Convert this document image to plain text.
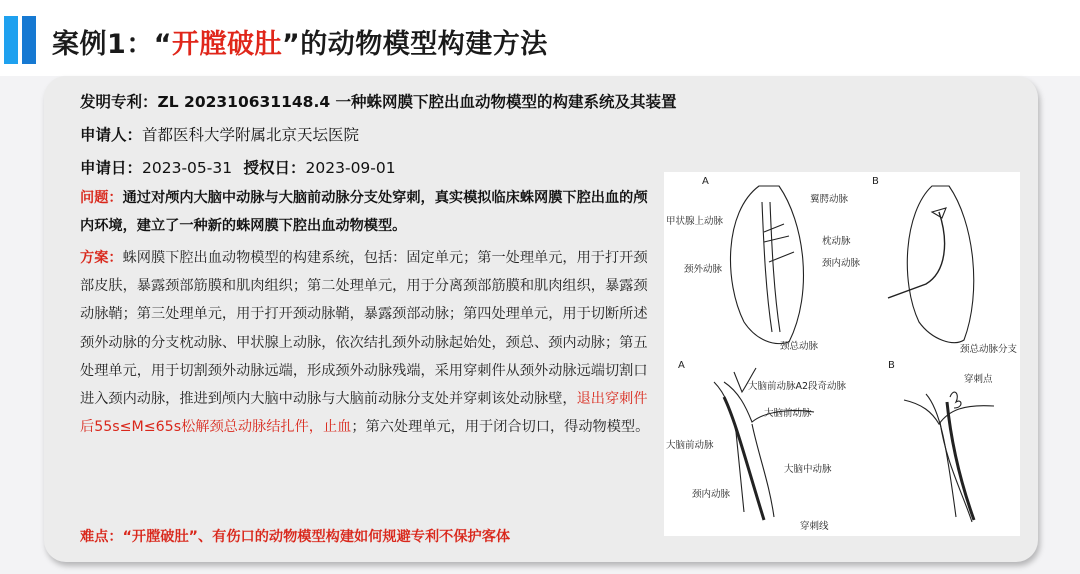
案例1：“开膛破肚”的动物模型构建方法
发明专利：ZL 202310631148.4 一种蛛网膜下腔出血动物模型的构建系统及其装置
申请人：首都医科大学附属北京天坛医院
申请日：2023-05-31 授权日：2023-09-01
问题：通过对颅内大脑中动脉与大脑前动脉分支处穿刺，真实模拟临床蛛网膜下腔出血的颅内环境，建立了一种新的蛛网膜下腔出血动物模型。
方案：蛛网膜下腔出血动物模型的构建系统，包括：固定单元；第一处理单元，用于打开颈部皮肤，暴露颈部筋膜和肌肉组织；第二处理单元，用于分离颈部筋膜和肌肉组织，暴露颈动脉鞘；第三处理单元，用于打开颈动脉鞘，暴露颈部动脉；第四处理单元，用于切断所述颈外动脉的分支枕动脉、甲状腺上动脉，依次结扎颈外动脉起始处，颈总、颈内动脉；第五处理单元，用于切割颈外动脉远端，形成颈外动脉残端，采用穿刺件从颈外动脉远端切割口进入颈内动脉，推进到颅内大脑中动脉与大脑前动脉分支处并穿刺该处动脉壁，退出穿刺件后55s≤M≤65s松解颈总动脉结扎件，止血；第六处理单元，用于闭合切口，得动物模型。
难点：“开膛破肚”、有伤口的动物模型构建如何规避专利不保护客体
A
翼腭动脉
甲状腺上动脉
枕动脉
颈内动脉
颈外动脉
颈总动脉
B
颈总动脉分支
A
大脑前动脉A2段奇动脉
大脑前动脉
大脑前动脉
大脑中动脉
颈内动脉
穿刺线
B
穿刺点
